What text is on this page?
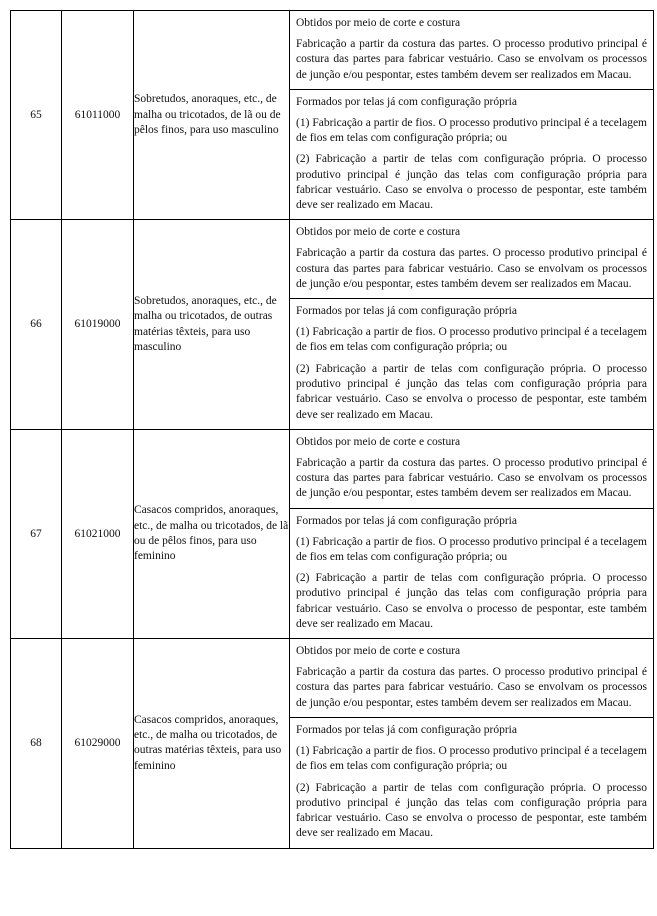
65	61011000	Sobretudos, anoraques, etc., de malha ou tricotados, de lã ou de pêlos finos, para uso masculino	Obtidos por meio de corte e costura

Fabricação a partir da costura das partes. O processo produtivo principal é costura das partes para fabricar vestuário. Caso se envolvam os processos de junção e/ou pespontar, estes também devem ser realizados em Macau.

Formados por telas já com configuração própria

(1) Fabricação a partir de fios. O processo produtivo principal é a tecelagem de fios em telas com configuração própria; ou

(2) Fabricação a partir de telas com configuração própria. O processo produtivo principal é junção das telas com configuração própria para fabricar vestuário. Caso se envolva o processo de pespontar, este também deve ser realizado em Macau.

66	61019000	Sobretudos, anoraques, etc., de malha ou tricotados, de outras matérias têxteis, para uso masculino	Obtidos por meio de corte e costura

Fabricação a partir da costura das partes. O processo produtivo principal é costura das partes para fabricar vestuário. Caso se envolvam os processos de junção e/ou pespontar, estes também devem ser realizados em Macau.

Formados por telas já com configuração própria

(1) Fabricação a partir de fios. O processo produtivo principal é a tecelagem de fios em telas com configuração própria; ou

(2) Fabricação a partir de telas com configuração própria. O processo produtivo principal é junção das telas com configuração própria para fabricar vestuário. Caso se envolva o processo de pespontar, este também deve ser realizado em Macau.

67	61021000	Casacos compridos, anoraques, etc., de malha ou tricotados, de lã ou de pêlos finos, para uso feminino	Obtidos por meio de corte e costura

Fabricação a partir da costura das partes. O processo produtivo principal é costura das partes para fabricar vestuário. Caso se envolvam os processos de junção e/ou pespontar, estes também devem ser realizados em Macau.

Formados por telas já com configuração própria

(1) Fabricação a partir de fios. O processo produtivo principal é a tecelagem de fios em telas com configuração própria; ou

(2) Fabricação a partir de telas com configuração própria. O processo produtivo principal é junção das telas com configuração própria para fabricar vestuário. Caso se envolva o processo de pespontar, este também deve ser realizado em Macau.

68	61029000	Casacos compridos, anoraques, etc., de malha ou tricotados, de outras matérias têxteis, para uso feminino	Obtidos por meio de corte e costura

Fabricação a partir da costura das partes. O processo produtivo principal é costura das partes para fabricar vestuário. Caso se envolvam os processos de junção e/ou pespontar, estes também devem ser realizados em Macau.

Formados por telas já com configuração própria

(1) Fabricação a partir de fios. O processo produtivo principal é a tecelagem de fios em telas com configuração própria; ou

(2) Fabricação a partir de telas com configuração própria. O processo produtivo principal é junção das telas com configuração própria para fabricar vestuário. Caso se envolva o processo de pespontar, este também deve ser realizado em Macau.
